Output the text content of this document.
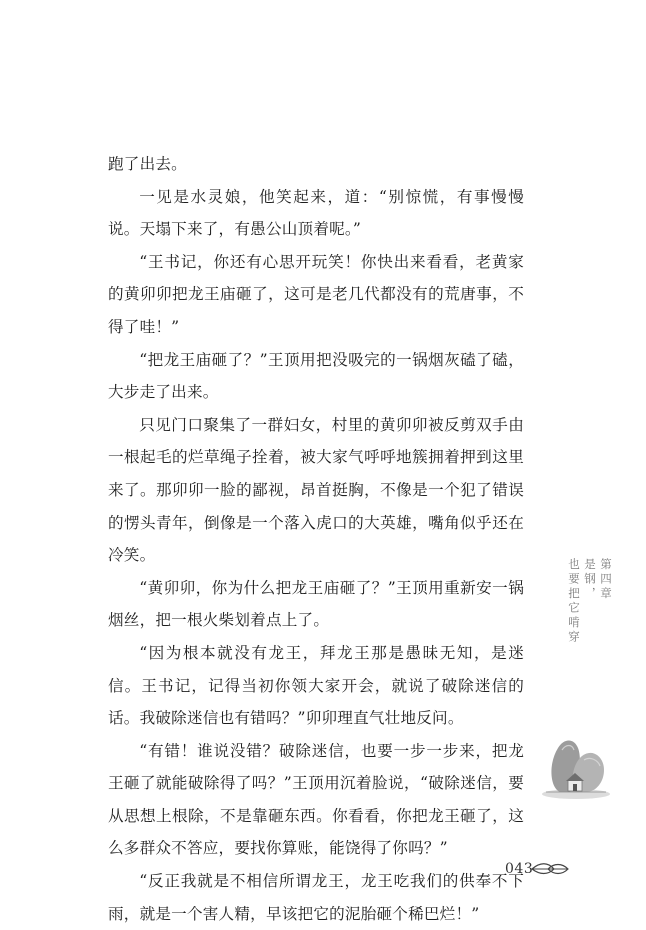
跑了出去。

一见是水灵娘，他笑起来，道：“别惊慌，有事慢慢说。天塌下来了，有愚公山顶着呢。”

“王书记，你还有心思开玩笑！你快出来看看，老黄家的黄卯卯把龙王庙砸了，这可是老几代都没有的荒唐事，不得了哇！”

“把龙王庙砸了？”王顶用把没吸完的一锅烟灰磕了磕，大步走了出来。

只见门口聚集了一群妇女，村里的黄卯卯被反剪双手由一根起毛的烂草绳子拴着，被大家气呼呼地簇拥着押到这里来了。那卯卯一脸的鄙视，昂首挺胸，不像是一个犯了错误的愣头青年，倒像是一个落入虎口的大英雄，嘴角似乎还在冷笑。

“黄卯卯，你为什么把龙王庙砸了？”王顶用重新安一锅烟丝，把一根火柴划着点上了。

“因为根本就没有龙王，拜龙王那是愚昧无知，是迷信。王书记，记得当初你领大家开会，就说了破除迷信的话。我破除迷信也有错吗？”卯卯理直气壮地反问。

“有错！谁说没错？破除迷信，也要一步一步来，把龙王砸了就能破除得了吗？”王顶用沉着脸说，“破除迷信，要从思想上根除，不是靠砸东西。你看看，你把龙王砸了，这么多群众不答应，要找你算账，能饶得了你吗？”

“反正我就是不相信所谓龙王，龙王吃我们的供奉不下雨，就是一个害人精，早该把它的泥胎砸个稀巴烂！”

第四章
是钢，
也要把它啃穿
043
